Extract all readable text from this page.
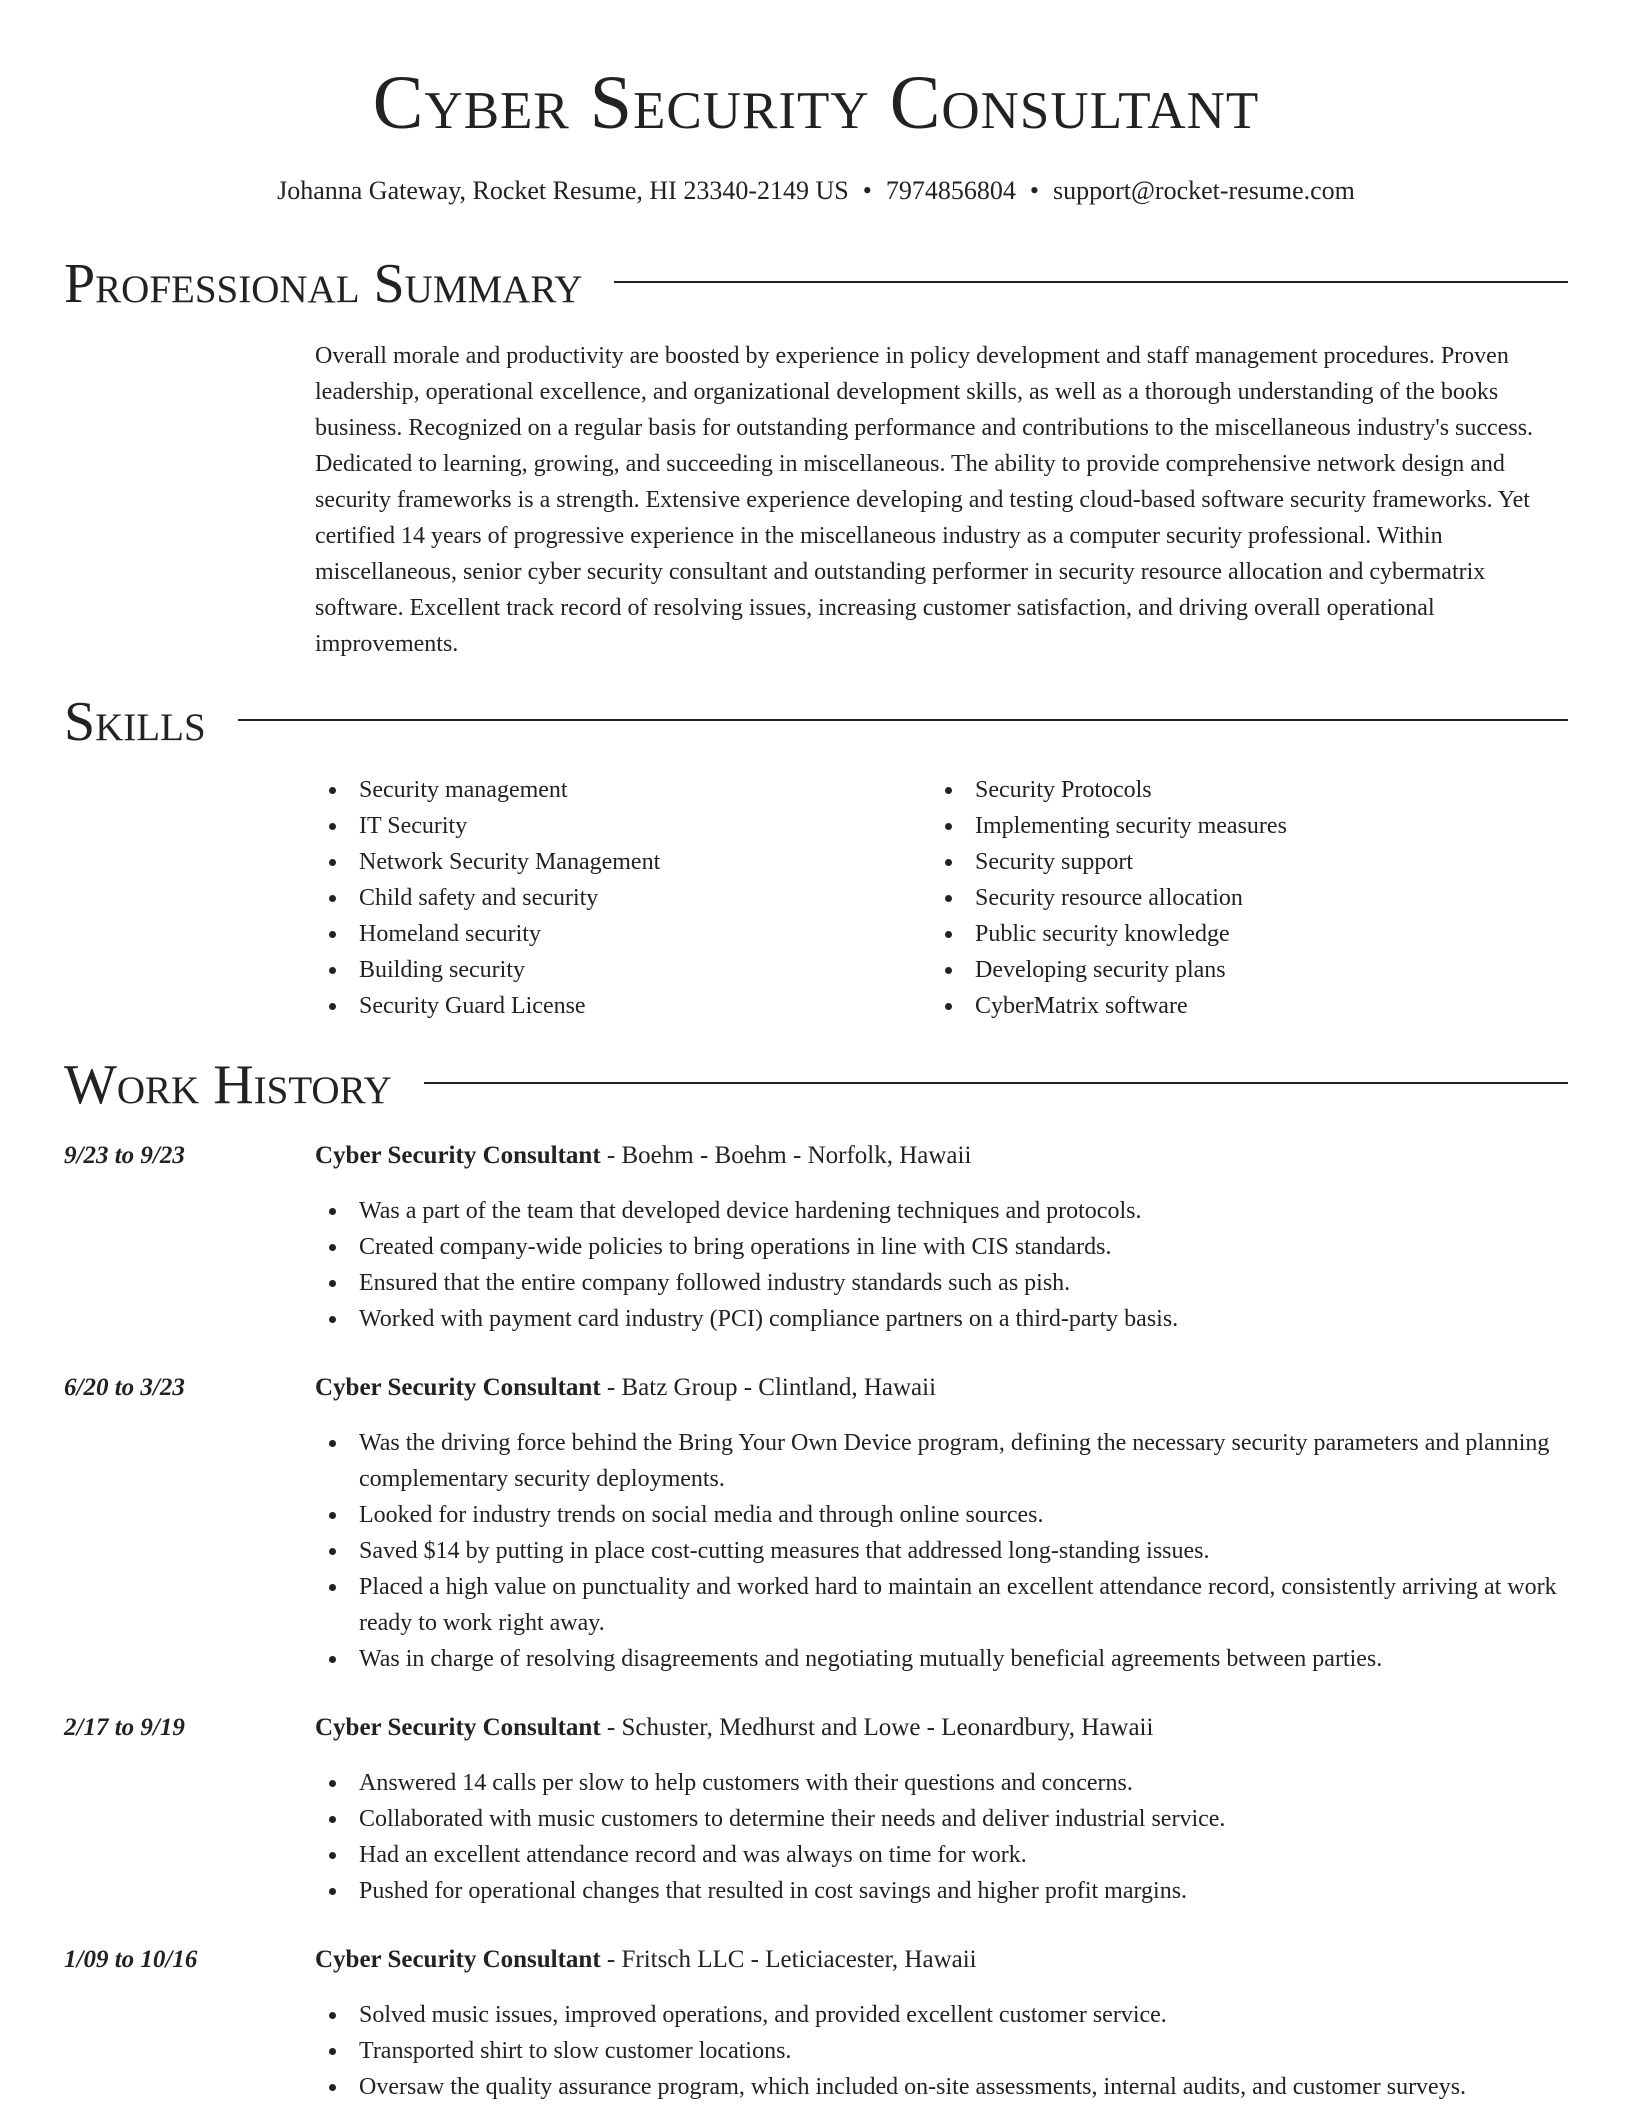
Cyber Security Consultant
Johanna Gateway, Rocket Resume, HI 23340-2149 US • 7974856804 • support@rocket-resume.com
Professional Summary

Overall morale and productivity are boosted by experience in policy development and staff management procedures. Proven leadership, operational excellence, and organizational development skills, as well as a thorough understanding of the books business. Recognized on a regular basis for outstanding performance and contributions to the miscellaneous industry's success. Dedicated to learning, growing, and succeeding in miscellaneous. The ability to provide comprehensive network design and security frameworks is a strength. Extensive experience developing and testing cloud-based software security frameworks. Yet certified 14 years of progressive experience in the miscellaneous industry as a computer security professional. Within miscellaneous, senior cyber security consultant and outstanding performer in security resource allocation and cybermatrix software. Excellent track record of resolving issues, increasing customer satisfaction, and driving overall operational improvements.

Skills
Security management
IT Security
Network Security Management
Child safety and security
Homeland security
Building security
Security Guard License
Security Protocols
Implementing security measures
Security support
Security resource allocation
Public security knowledge
Developing security plans
CyberMatrix software
Work History
9/23 to 9/23	Cyber Security Consultant - Boehm - Boehm - Norfolk, Hawaii
Was a part of the team that developed device hardening techniques and protocols.
Created company-wide policies to bring operations in line with CIS standards.
Ensured that the entire company followed industry standards such as pish.
Worked with payment card industry (PCI) compliance partners on a third-party basis.
6/20 to 3/23	Cyber Security Consultant - Batz Group - Clintland, Hawaii
Was the driving force behind the Bring Your Own Device program, defining the necessary security parameters and planning complementary security deployments.
Looked for industry trends on social media and through online sources.
Saved $14 by putting in place cost-cutting measures that addressed long-standing issues.
Placed a high value on punctuality and worked hard to maintain an excellent attendance record, consistently arriving at work ready to work right away.
Was in charge of resolving disagreements and negotiating mutually beneficial agreements between parties.
2/17 to 9/19	Cyber Security Consultant - Schuster, Medhurst and Lowe - Leonardbury, Hawaii
Answered 14 calls per slow to help customers with their questions and concerns.
Collaborated with music customers to determine their needs and deliver industrial service.
Had an excellent attendance record and was always on time for work.
Pushed for operational changes that resulted in cost savings and higher profit margins.
1/09 to 10/16	Cyber Security Consultant - Fritsch LLC - Leticiacester, Hawaii
Solved music issues, improved operations, and provided excellent customer service.
Transported shirt to slow customer locations.
Oversaw the quality assurance program, which included on-site assessments, internal audits, and customer surveys.
